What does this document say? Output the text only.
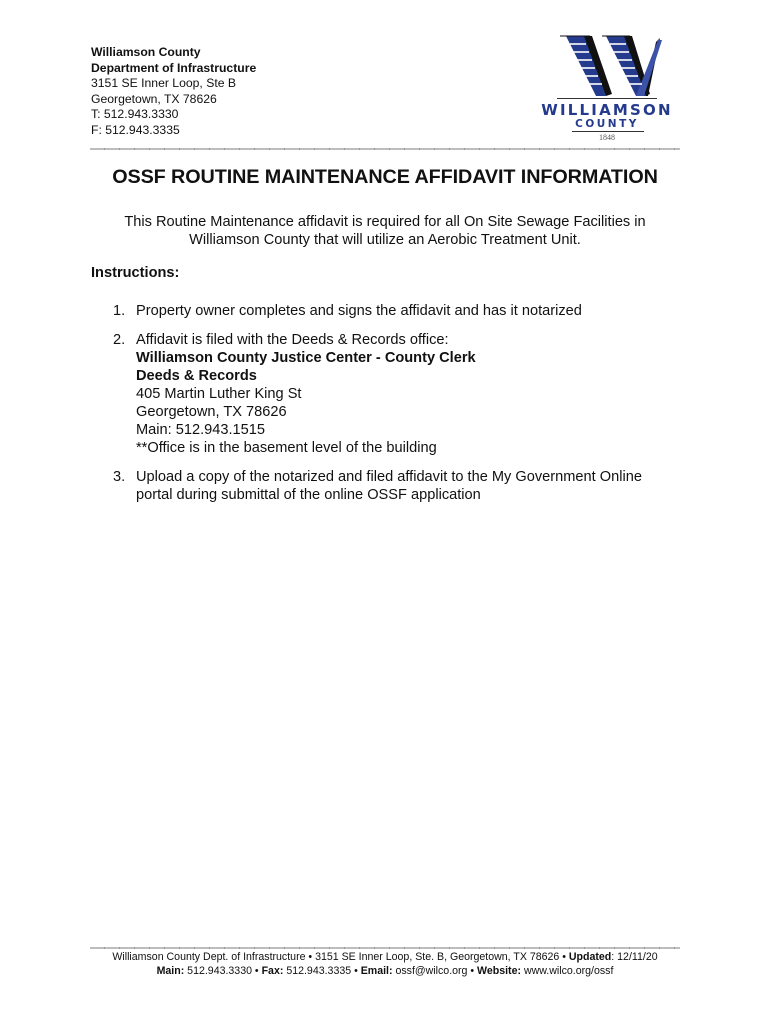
Williamson County
Department of Infrastructure
3151 SE Inner Loop, Ste B
Georgetown, TX 78626
T: 512.943.3330
F: 512.943.3335
WILLIAMSON
COUNTY
1848
OSSF ROUTINE MAINTENANCE AFFIDAVIT INFORMATION
This Routine Maintenance affidavit is required for all On Site Sewage Facilities in
Williamson County that will utilize an Aerobic Treatment Unit.
Instructions:
1. Property owner completes and signs the affidavit and has it notarized
2. Affidavit is filed with the Deeds & Records office:
Williamson County Justice Center - County Clerk
Deeds & Records
405 Martin Luther King St
Georgetown, TX 78626
Main: 512.943.1515
**Office is in the basement level of the building
3. Upload a copy of the notarized and filed affidavit to the My Government Online
portal during submittal of the online OSSF application
Williamson County Dept. of Infrastructure • 3151 SE Inner Loop, Ste. B, Georgetown, TX 78626 • Updated: 12/11/20
Main: 512.943.3330 • Fax: 512.943.3335 • Email: ossf@wilco.org • Website: www.wilco.org/ossf
